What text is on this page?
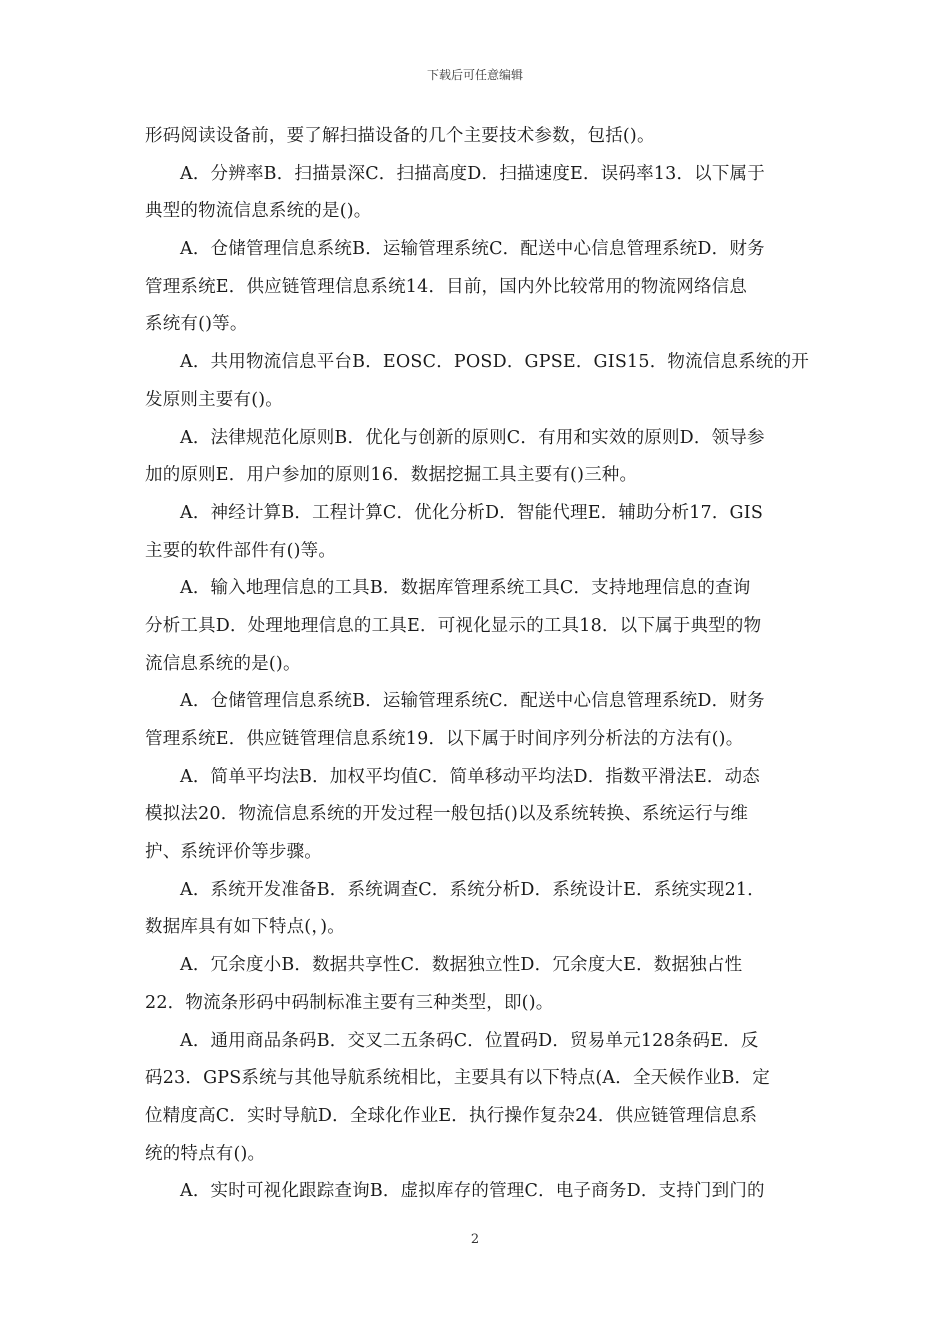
下载后可任意编辑
形码阅读设备前，要了解扫描设备的几个主要技术参数，包括()。
A．分辨率B．扫描景深C．扫描高度D．扫描速度E．误码率13．以下属于
典型的物流信息系统的是()。
A．仓储管理信息系统B．运输管理系统C．配送中心信息管理系统D．财务
管理系统E．供应链管理信息系统14．目前，国内外比较常用的物流网络信息
系统有()等。
A．共用物流信息平台B．EOSC．POSD．GPSE．GIS15．物流信息系统的开
发原则主要有()。
A．法律规范化原则B．优化与创新的原则C．有用和实效的原则D．领导参
加的原则E．用户参加的原则16．数据挖掘工具主要有()三种。
A．神经计算B．工程计算C．优化分析D．智能代理E．辅助分析17．GIS
主要的软件部件有()等。
A．输入地理信息的工具B．数据库管理系统工具C．支持地理信息的查询
分析工具D．处理地理信息的工具E．可视化显示的工具18．以下属于典型的物
流信息系统的是()。
A．仓储管理信息系统B．运输管理系统C．配送中心信息管理系统D．财务
管理系统E．供应链管理信息系统19．以下属于时间序列分析法的方法有()。
A．简单平均法B．加权平均值C．简单移动平均法D．指数平滑法E．动态
模拟法20．物流信息系统的开发过程一般包括()以及系统转换、系统运行与维
护、系统评价等步骤。
A．系统开发准备B．系统调查C．系统分析D．系统设计E．系统实现21．
数据库具有如下特点(，)。
A．冗余度小B．数据共享性C．数据独立性D．冗余度大E．数据独占性
22．物流条形码中码制标准主要有三种类型，即()。
A．通用商品条码B．交叉二五条码C．位置码D．贸易单元128条码E．反
码23．GPS系统与其他导航系统相比，主要具有以下特点(A．全天候作业B．定
位精度高C．实时导航D．全球化作业E．执行操作复杂24．供应链管理信息系
统的特点有()。
A．实时可视化跟踪查询B．虚拟库存的管理C．电子商务D．支持门到门的
2
